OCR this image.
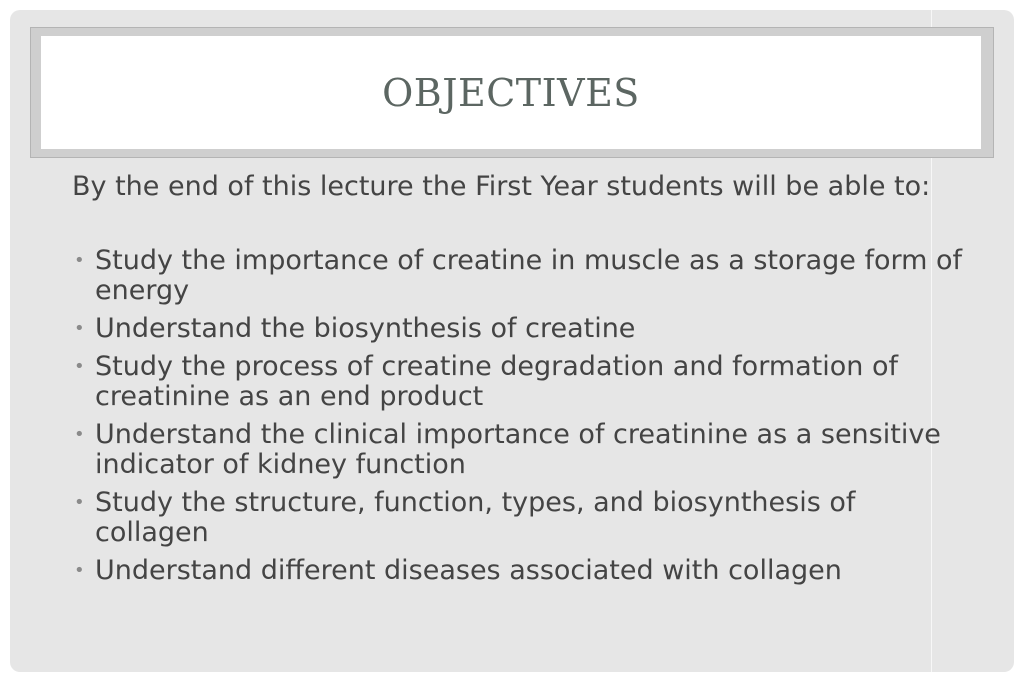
OBJECTIVES

By the end of this lecture the First Year students will be able to:

• Study the importance of creatine in muscle as a storage form of energy
• Understand the biosynthesis of creatine
• Study the process of creatine degradation and formation of creatinine as an end product
• Understand the clinical importance of creatinine as a sensitive indicator of kidney function
• Study the structure, function, types, and biosynthesis of collagen
• Understand different diseases associated with collagen
